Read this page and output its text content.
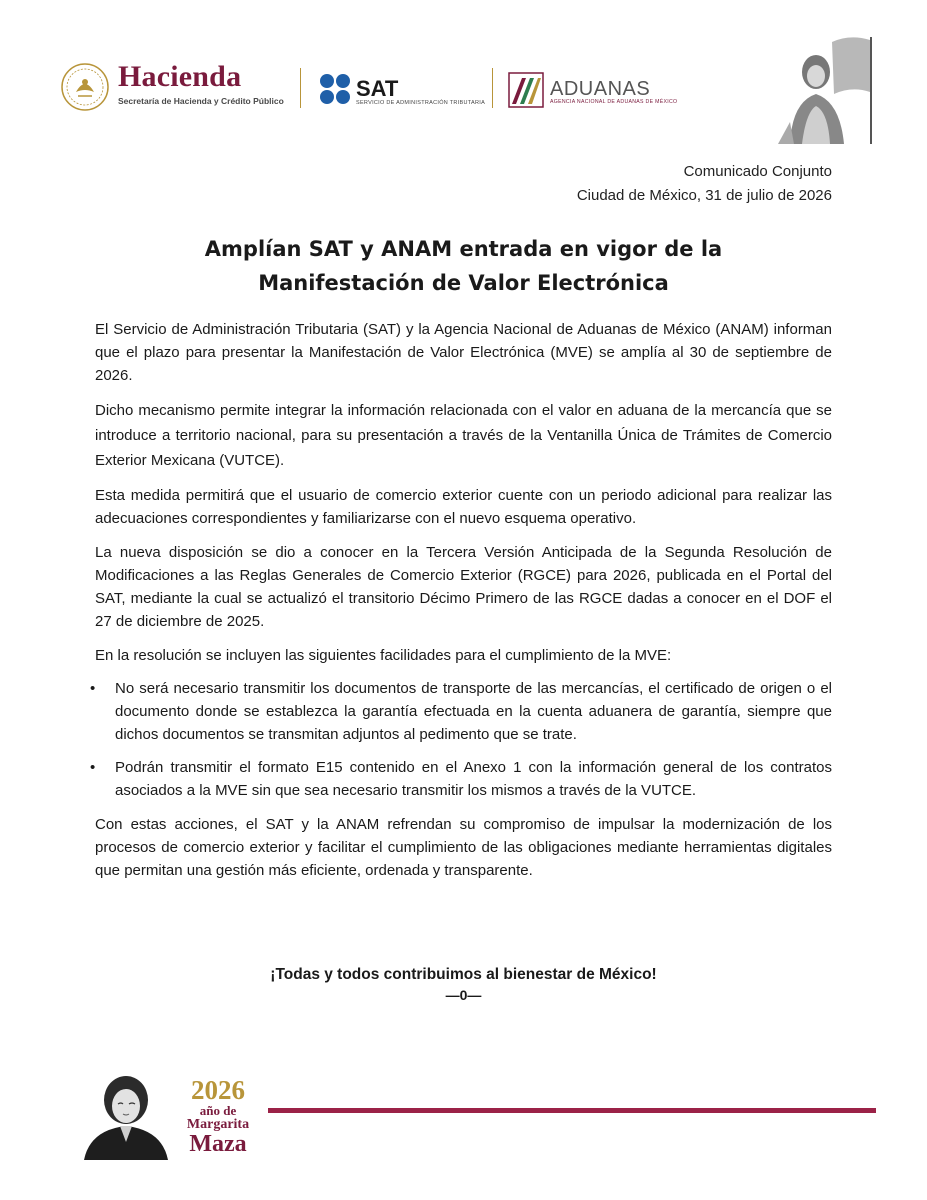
Hacienda
Secretaría de Hacienda y Crédito Público	SAT
SERVICIO DE ADMINISTRACIÓN TRIBUTARIA
ADUANAS
AGENCIA NACIONAL DE ADUANAS DE MÉXICO
Comunicado Conjunto
Ciudad de México, 31 de julio de 2026
Amplían SAT y ANAM entrada en vigor de la
Manifestación de Valor Electrónica

El Servicio de Administración Tributaria (SAT) y la Agencia Nacional de Aduanas de México (ANAM) informan que el plazo para presentar la Manifestación de Valor Electrónica (MVE) se amplía al 30 de septiembre de 2026.

Dicho mecanismo permite integrar la información relacionada con el valor en aduana de la mercancía que se introduce a territorio nacional, para su presentación a través de la Ventanilla Única de Trámites de Comercio Exterior Mexicana (VUTCE).

Esta medida permitirá que el usuario de comercio exterior cuente con un periodo adicional para realizar las adecuaciones correspondientes y familiarizarse con el nuevo esquema operativo.

La nueva disposición se dio a conocer en la Tercera Versión Anticipada de la Segunda Resolución de Modificaciones a las Reglas Generales de Comercio Exterior (RGCE) para 2026, publicada en el Portal del SAT, mediante la cual se actualizó el transitorio Décimo Primero de las RGCE dadas a conocer en el DOF el 27 de diciembre de 2025.

En la resolución se incluyen las siguientes facilidades para el cumplimiento de la MVE:

• No será necesario transmitir los documentos de transporte de las mercancías, el certificado de origen o el documento donde se establezca la garantía efectuada en la cuenta aduanera de garantía, siempre que dichos documentos se transmitan adjuntos al pedimento que se trate.
• Podrán transmitir el formato E15 contenido en el Anexo 1 con la información general de los contratos asociados a la MVE sin que sea necesario transmitir los mismos a través de la VUTCE.

Con estas acciones, el SAT y la ANAM refrendan su compromiso de impulsar la modernización de los procesos de comercio exterior y facilitar el cumplimiento de las obligaciones mediante herramientas digitales que permitan una gestión más eficiente, ordenada y transparente.

¡Todas y todos contribuimos al bienestar de México!
—0—
2026
año de
Margarita
Maza
